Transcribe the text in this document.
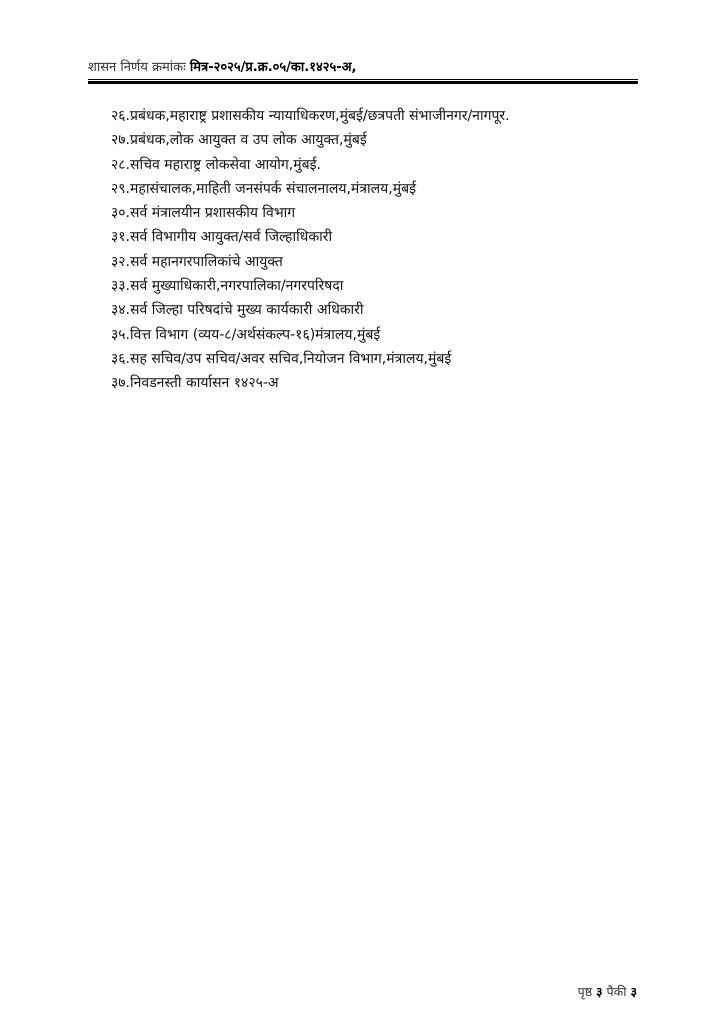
शासन निर्णय क्रमांकः मित्र-२०२५/प्र.क्र.०५/का.१४२५-अ,
२६.प्रबंधक,महाराष्ट्र प्रशासकीय न्यायाधिकरण,मुंबई/छत्रपती संभाजीनगर/नागपूर.
२७.प्रबंधक,लोक आयुक्त व उप लोक आयुक्त,मुंबई
२८.सचिव महाराष्ट्र लोकसेवा आयोग,मुंबई.
२९.महासंचालक,माहिती जनसंपर्क संचालनालय,मंत्रालय,मुंबई
३०.सर्व मंत्रालयीन प्रशासकीय विभाग
३१.सर्व विभागीय आयुक्त/सर्व जिल्हाधिकारी
३२.सर्व महानगरपालिकांचे आयुक्त
३३.सर्व मुख्याधिकारी,नगरपालिका/नगरपरिषदा
३४.सर्व जिल्हा परिषदांचे मुख्य कार्यकारी अधिकारी
३५.वित्त विभाग (व्यय-८/अर्थसंकल्प-१६)मंत्रालय,मुंबई
३६.सह सचिव/उप सचिव/अवर सचिव,नियोजन विभाग,मंत्रालय,मुंबई
३७.निवडनस्ती कार्यासन १४२५-अ
पृष्ठ ३ पैकी ३
